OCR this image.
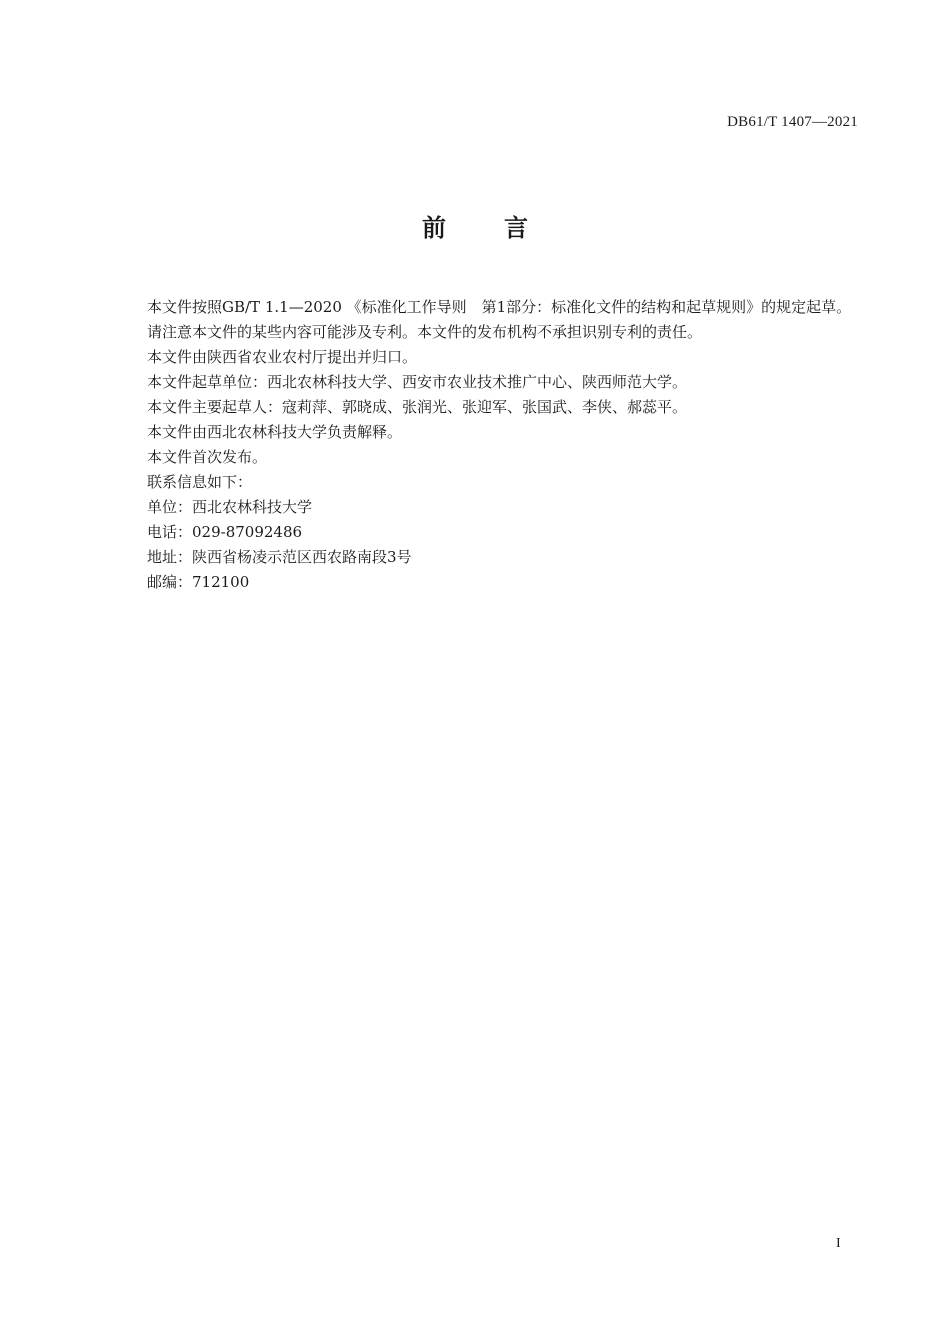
DB61/T 1407—2021
前 言

本文件按照GB/T 1.1—2020 《标准化工作导则　第1部分：标准化文件的结构和起草规则》的规定起草。

请注意本文件的某些内容可能涉及专利。本文件的发布机构不承担识别专利的责任。

本文件由陕西省农业农村厅提出并归口。

本文件起草单位：西北农林科技大学、西安市农业技术推广中心、陕西师范大学。

本文件主要起草人：寇莉萍、郭晓成、张润光、张迎军、张国武、李侠、郝蕊平。

本文件由西北农林科技大学负责解释。

本文件首次发布。

联系信息如下：

单位：西北农林科技大学

电话：029-87092486

地址：陕西省杨凌示范区西农路南段3号

邮编：712100

I
